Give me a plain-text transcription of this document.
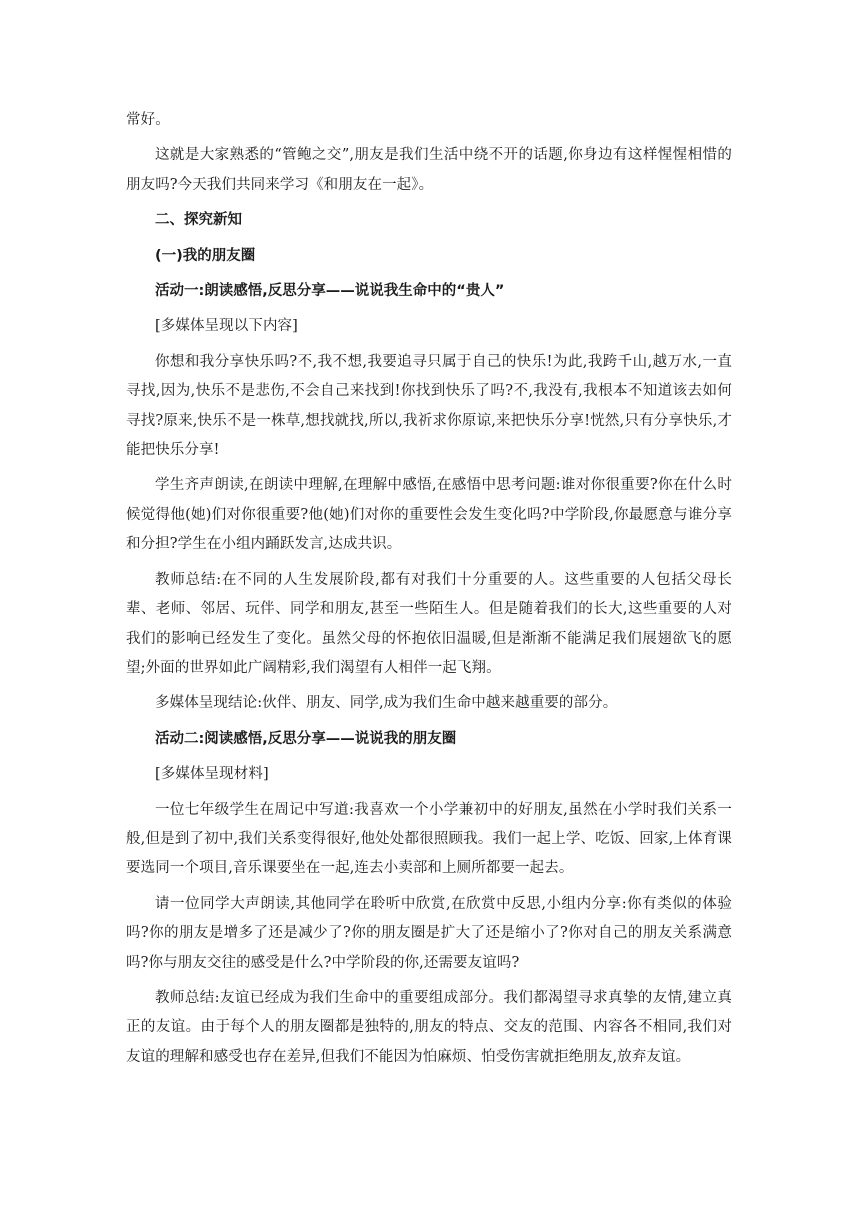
常好。

这就是大家熟悉的“管鲍之交”,朋友是我们生活中绕不开的话题,你身边有这样惺惺相惜的朋友吗?今天我们共同来学习《和朋友在一起》。

二、探究新知

(一)我的朋友圈

活动一:朗读感悟,反思分享——说说我生命中的“贵人”

[多媒体呈现以下内容]

你想和我分享快乐吗?不,我不想,我要追寻只属于自己的快乐!为此,我跨千山,越万水,一直寻找,因为,快乐不是悲伤,不会自己来找到!你找到快乐了吗?不,我没有,我根本不知道该去如何寻找?原来,快乐不是一株草,想找就找,所以,我祈求你原谅,来把快乐分享!恍然,只有分享快乐,才能把快乐分享!

学生齐声朗读,在朗读中理解,在理解中感悟,在感悟中思考问题:谁对你很重要?你在什么时候觉得他(她)们对你很重要?他(她)们对你的重要性会发生变化吗?中学阶段,你最愿意与谁分享和分担?学生在小组内踊跃发言,达成共识。

教师总结:在不同的人生发展阶段,都有对我们十分重要的人。这些重要的人包括父母长辈、老师、邻居、玩伴、同学和朋友,甚至一些陌生人。但是随着我们的长大,这些重要的人对我们的影响已经发生了变化。虽然父母的怀抱依旧温暖,但是渐渐不能满足我们展翅欲飞的愿望;外面的世界如此广阔精彩,我们渴望有人相伴一起飞翔。

多媒体呈现结论:伙伴、朋友、同学,成为我们生命中越来越重要的部分。

活动二:阅读感悟,反思分享——说说我的朋友圈

[多媒体呈现材料]

一位七年级学生在周记中写道:我喜欢一个小学兼初中的好朋友,虽然在小学时我们关系一般,但是到了初中,我们关系变得很好,他处处都很照顾我。我们一起上学、吃饭、回家,上体育课要选同一个项目,音乐课要坐在一起,连去小卖部和上厕所都要一起去。

请一位同学大声朗读,其他同学在聆听中欣赏,在欣赏中反思,小组内分享:你有类似的体验吗?你的朋友是增多了还是减少了?你的朋友圈是扩大了还是缩小了?你对自己的朋友关系满意吗?你与朋友交往的感受是什么?中学阶段的你,还需要友谊吗?

教师总结:友谊已经成为我们生命中的重要组成部分。我们都渴望寻求真挚的友情,建立真正的友谊。由于每个人的朋友圈都是独特的,朋友的特点、交友的范围、内容各不相同,我们对友谊的理解和感受也存在差异,但我们不能因为怕麻烦、怕受伤害就拒绝朋友,放弃友谊。
